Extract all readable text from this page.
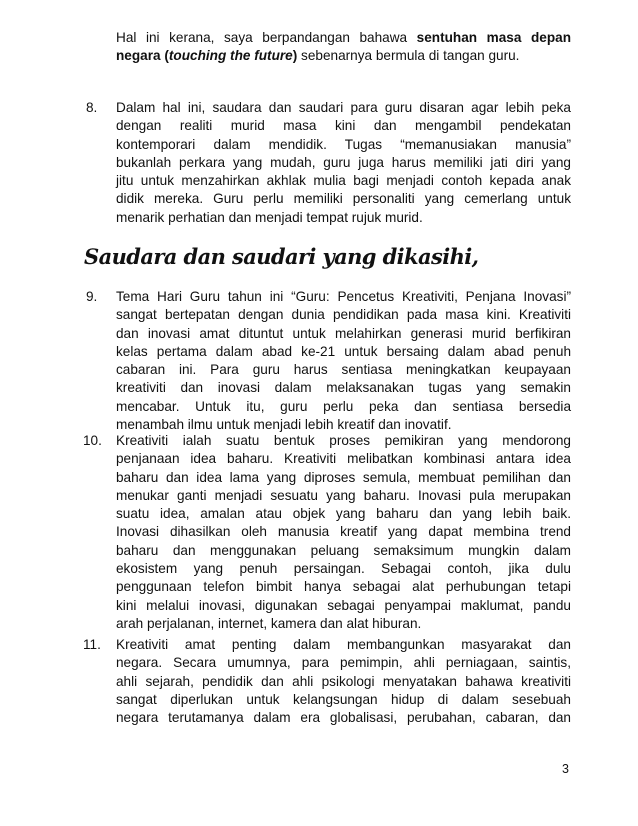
Hal ini kerana, saya berpandangan bahawa sentuhan masa depan
negara (touching the future) sebenarnya bermula di tangan guru.
8. Dalam hal ini, saudara dan saudari para guru disaran agar lebih peka
dengan realiti murid masa kini dan mengambil pendekatan
kontemporari dalam mendidik. Tugas “memanusiakan manusia”
bukanlah perkara yang mudah, guru juga harus memiliki jati diri yang
jitu untuk menzahirkan akhlak mulia bagi menjadi contoh kepada anak
didik mereka. Guru perlu memiliki personaliti yang cemerlang untuk
menarik perhatian dan menjadi tempat rujuk murid.
Saudara dan saudari yang dikasihi,
9. Tema Hari Guru tahun ini “Guru: Pencetus Kreativiti, Penjana Inovasi”
sangat bertepatan dengan dunia pendidikan pada masa kini. Kreativiti
dan inovasi amat dituntut untuk melahirkan generasi murid berfikiran
kelas pertama dalam abad ke-21 untuk bersaing dalam abad penuh
cabaran ini. Para guru harus sentiasa meningkatkan keupayaan
kreativiti dan inovasi dalam melaksanakan tugas yang semakin
mencabar. Untuk itu, guru perlu peka dan sentiasa bersedia
menambah ilmu untuk menjadi lebih kreatif dan inovatif.
10. Kreativiti ialah suatu bentuk proses pemikiran yang mendorong
penjanaan idea baharu. Kreativiti melibatkan kombinasi antara idea
baharu dan idea lama yang diproses semula, membuat pemilihan dan
menukar ganti menjadi sesuatu yang baharu. Inovasi pula merupakan
suatu idea, amalan atau objek yang baharu dan yang lebih baik.
Inovasi dihasilkan oleh manusia kreatif yang dapat membina trend
baharu dan menggunakan peluang semaksimum mungkin dalam
ekosistem yang penuh persaingan. Sebagai contoh, jika dulu
penggunaan telefon bimbit hanya sebagai alat perhubungan tetapi
kini melalui inovasi, digunakan sebagai penyampai maklumat, pandu
arah perjalanan, internet, kamera dan alat hiburan.
11. Kreativiti amat penting dalam membangunkan masyarakat dan
negara. Secara umumnya, para pemimpin, ahli perniagaan, saintis,
ahli sejarah, pendidik dan ahli psikologi menyatakan bahawa kreativiti
sangat diperlukan untuk kelangsungan hidup di dalam sesebuah
negara terutamanya dalam era globalisasi, perubahan, cabaran, dan
3
